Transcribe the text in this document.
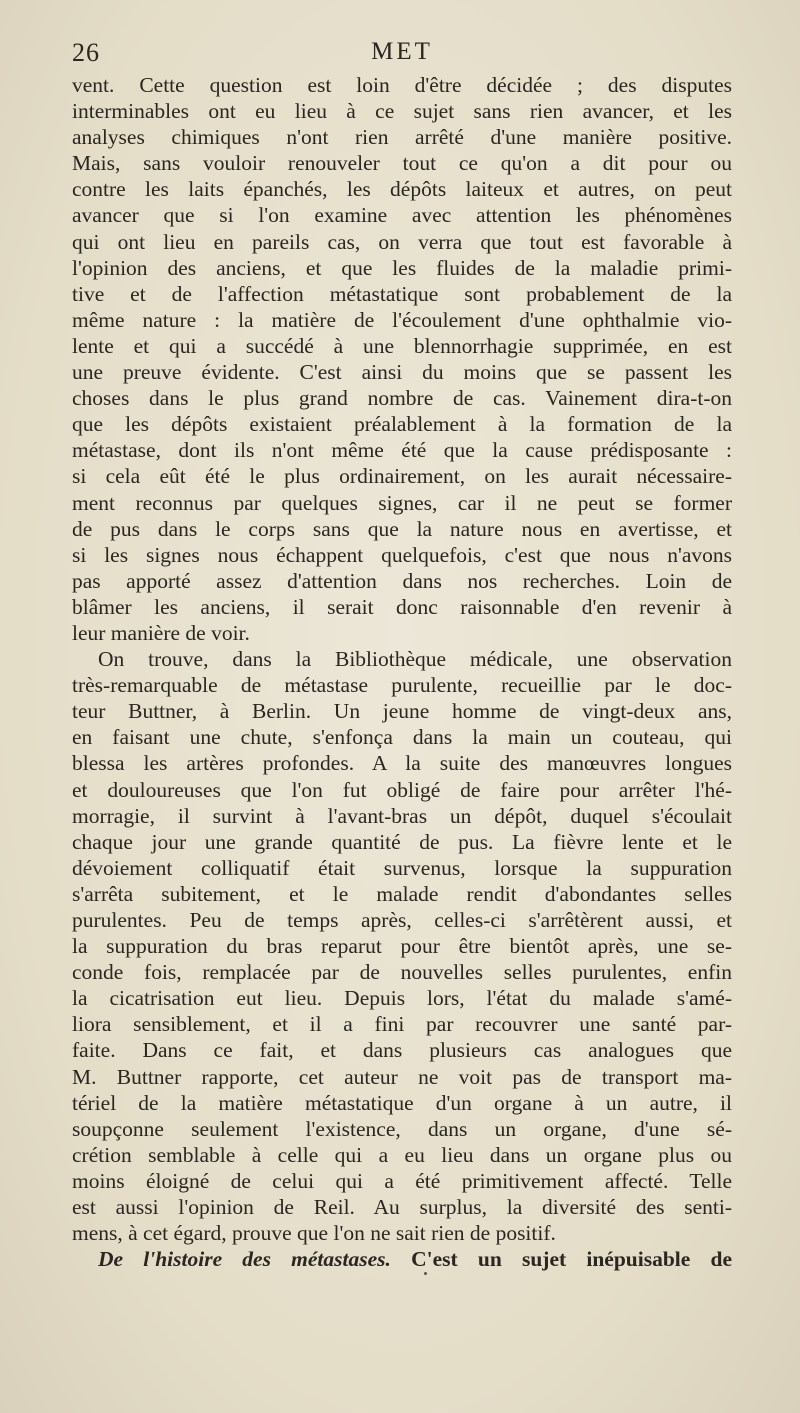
26	MET
vent. Cette question est loin d'être décidée ; des disputes
interminables ont eu lieu à ce sujet sans rien avancer, et les
analyses chimiques n'ont rien arrêté d'une manière positive.
Mais, sans vouloir renouveler tout ce qu'on a dit pour ou
contre les laits épanchés, les dépôts laiteux et autres, on peut
avancer que si l'on examine avec attention les phénomènes
qui ont lieu en pareils cas, on verra que tout est favorable à
l'opinion des anciens, et que les fluides de la maladie primi-
tive et de l'affection métastatique sont probablement de la
même nature : la matière de l'écoulement d'une ophthalmie vio-
lente et qui a succédé à une blennorrhagie supprimée, en est
une preuve évidente. C'est ainsi du moins que se passent les
choses dans le plus grand nombre de cas. Vainement dira-t-on
que les dépôts existaient préalablement à la formation de la
métastase, dont ils n'ont même été que la cause prédisposante :
si cela eût été le plus ordinairement, on les aurait nécessaire-
ment reconnus par quelques signes, car il ne peut se former
de pus dans le corps sans que la nature nous en avertisse, et
si les signes nous échappent quelquefois, c'est que nous n'avons
pas apporté assez d'attention dans nos recherches. Loin de
blâmer les anciens, il serait donc raisonnable d'en revenir à
leur manière de voir.
On trouve, dans la Bibliothèque médicale, une observation
très-remarquable de métastase purulente, recueillie par le doc-
teur Buttner, à Berlin. Un jeune homme de vingt-deux ans,
en faisant une chute, s'enfonça dans la main un couteau, qui
blessa les artères profondes. A la suite des manœuvres longues
et douloureuses que l'on fut obligé de faire pour arrêter l'hé-
morragie, il survint à l'avant-bras un dépôt, duquel s'écoulait
chaque jour une grande quantité de pus. La fièvre lente et le
dévoiement colliquatif était survenus, lorsque la suppuration
s'arrêta subitement, et le malade rendit d'abondantes selles
purulentes. Peu de temps après, celles-ci s'arrêtèrent aussi, et
la suppuration du bras reparut pour être bientôt après, une se-
conde fois, remplacée par de nouvelles selles purulentes, enfin
la cicatrisation eut lieu. Depuis lors, l'état du malade s'amé-
liora sensiblement, et il a fini par recouvrer une santé par-
faite. Dans ce fait, et dans plusieurs cas analogues que
M. Buttner rapporte, cet auteur ne voit pas de transport ma-
tériel de la matière métastatique d'un organe à un autre, il
soupçonne seulement l'existence, dans un organe, d'une sé-
crétion semblable à celle qui a eu lieu dans un organe plus ou
moins éloigné de celui qui a été primitivement affecté. Telle
est aussi l'opinion de Reil. Au surplus, la diversité des senti-
mens, à cet égard, prouve que l'on ne sait rien de positif.
De l'histoire des métastases. C'est un sujet inépuisable de
